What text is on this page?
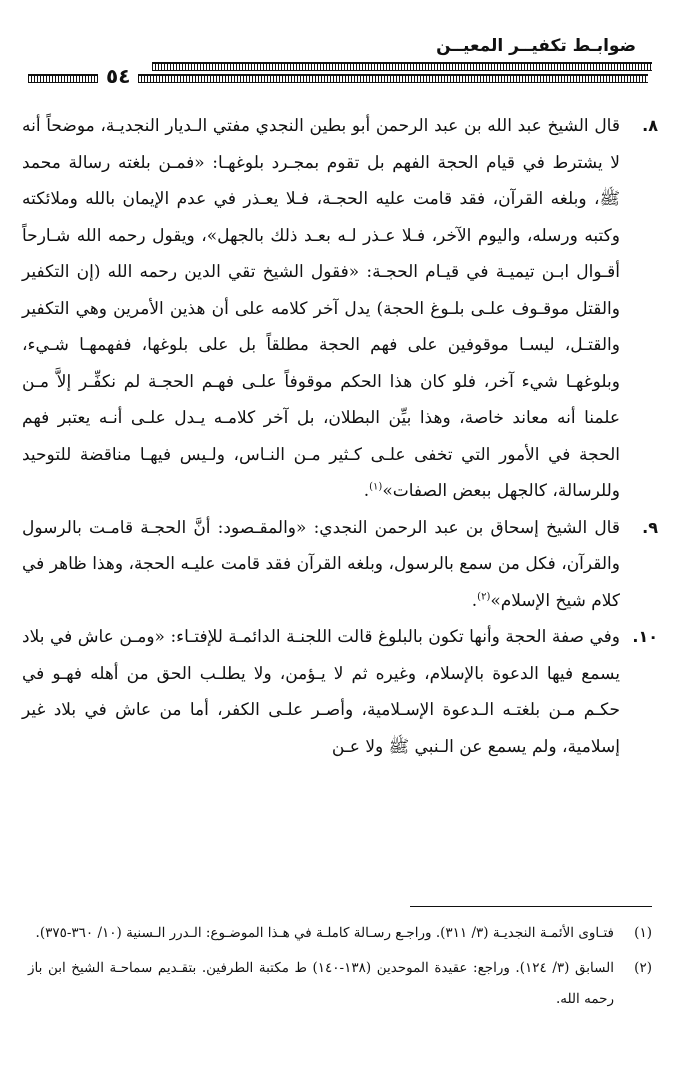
ضوابـط تكفيــر المعيــن
٥٤

٨.
قال الشيخ عبد الله بن عبد الرحمن أبو بطين النجدي مفتي الـديار النجديـة، موضحاً أنه لا يشترط في قيام الحجة الفهم بل تقوم بمجـرد بلوغهـا: «فمـن بلغته رسالة محمد ﷺ، وبلغه القرآن، فقد قامت عليه الحجـة، فـلا يعـذر في عدم الإيمان بالله وملائكته وكتبه ورسله، واليوم الآخر، فـلا عـذر لـه بعـد ذلك بالجهل»، ويقول رحمه الله شـارحاً أقـوال ابـن تيميـة في قيـام الحجـة: «فقول الشيخ تقي الدين رحمه الله (إن التكفير والقتل موقـوف علـى بلـوغ الحجة) يدل آخر كلامه على أن هذين الأمرين وهي التكفير والقتـل، ليسـا موقوفين على فهم الحجة مطلقاً بل على بلوغها، ففهمهـا شـيء، وبلوغهـا شيء آخر، فلو كان هذا الحكم موقوفاً علـى فهـم الحجـة لم نكفِّـر إلاَّ مـن علمنا أنه معاند خاصة، وهذا بيِّن البطلان، بل آخر كلامـه يـدل علـى أنـه يعتبر فهم الحجة في الأمور التي تخفى علـى كـثير مـن النـاس، ولـيس فيهـا مناقضة للتوحيد وللرسالة، كالجهل ببعض الصفات»$^{(١)}$.

٩.
قال الشيخ إسحاق بن عبد الرحمن النجدي: «والمقـصود: أنَّ الحجـة قامـت بالرسول والقرآن، فكل من سمع بالرسول، وبلغه القرآن فقد قامت عليـه الحجة، وهذا ظاهر في كلام شيخ الإسلام»$^{(٢)}$.

١٠.
وفي صفة الحجة وأنها تكون بالبلوغ قالت اللجنـة الدائمـة للإفتـاء: «ومـن عاش في بلاد يسمع فيها الدعوة بالإسلام، وغيره ثم لا يـؤمن، ولا يطلـب الحق من أهله فهـو في حكـم مـن بلغتـه الـدعوة الإسـلامية، وأصـر علـى الكفر، أما من عاش في بلاد غير إسلامية، ولم يسمع عن الـنبي ﷺ ولا عـن

(١)
فتـاوى الأئمـة النجديـة (٣/ ٣١١). وراجـع رسـالة كاملـة في هـذا الموضـوع: الـدرر الـسنية (١٠/ ٣٦٠-٣٧٥).
(٢)
السابق (٣/ ١٢٤). وراجع: عقيدة الموحدين (١٣٨-١٤٠) ط مكتبة الطرفين. بتقـديم سماحـة الشيخ ابن باز رحمه الله.
